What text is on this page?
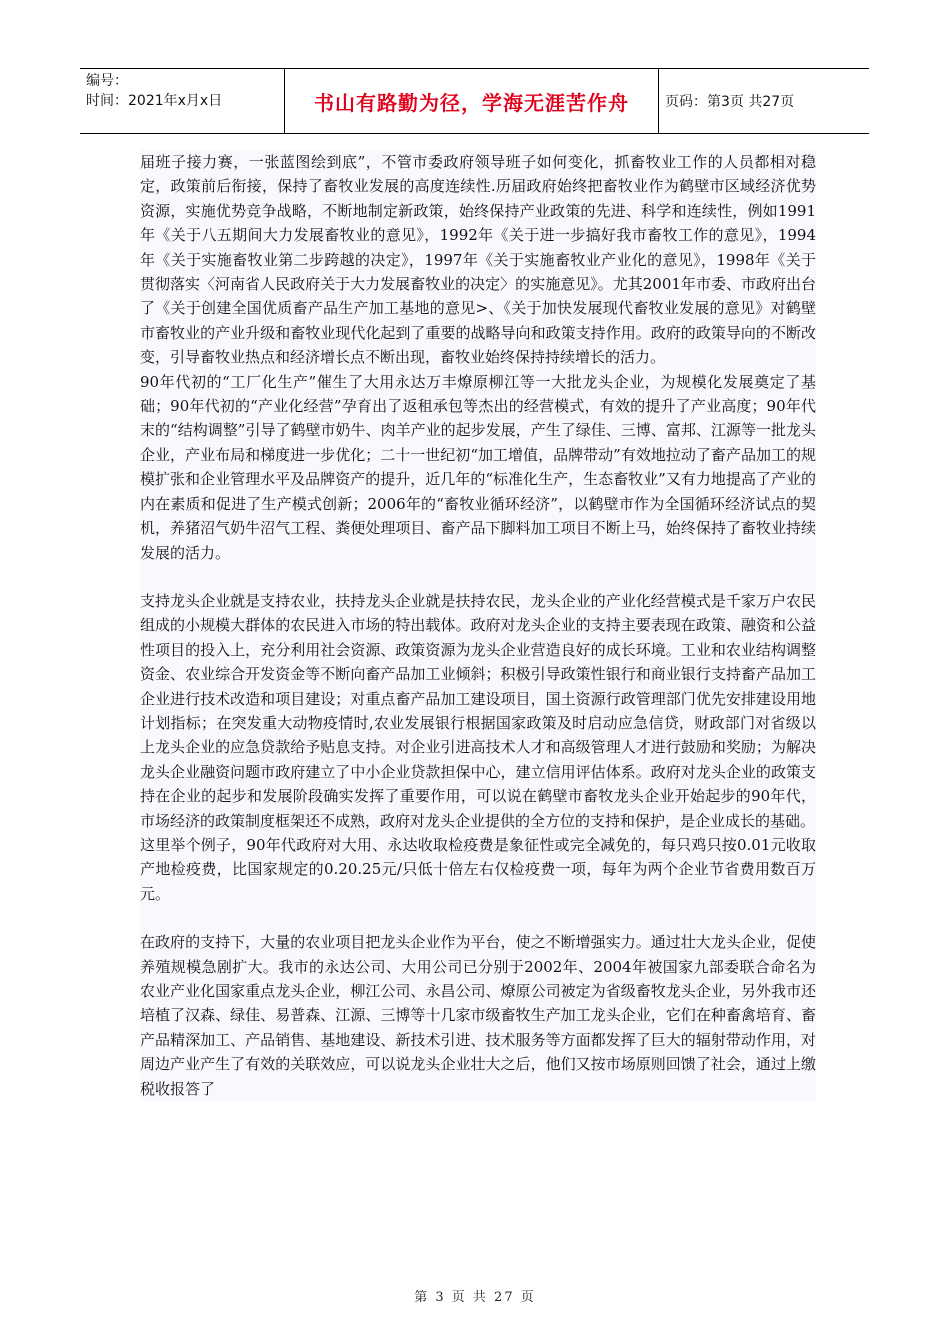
编号：
时间：2021年x月x日	书山有路勤为径，学海无涯苦作舟	页码：第3页 共27页

届班子接力赛，一张蓝图绘到底”，不管市委政府领导班子如何变化，抓畜牧业工作的人员都相对稳定，政策前后衔接，保持了畜牧业发展的高度连续性.历届政府始终把畜牧业作为鹤壁市区域经济优势资源，实施优势竞争战略，不断地制定新政策，始终保持产业政策的先进、科学和连续性，例如1991年《关于八五期间大力发展畜牧业的意见》，1992年《关于进一步搞好我市畜牧工作的意见》，1994年《关于实施畜牧业第二步跨越的决定》，1997年《关于实施畜牧业产业化的意见》，1998年《关于贯彻落实〈河南省人民政府关于大力发展畜牧业的决定〉的实施意见》。尤其2001年市委、市政府出台了《关于创建全国优质畜产品生产加工基地的意见>、《关于加快发展现代畜牧业发展的意见》对鹤壁市畜牧业的产业升级和畜牧业现代化起到了重要的战略导向和政策支持作用。政府的政策导向的不断改变，引导畜牧业热点和经济增长点不断出现，畜牧业始终保持持续增长的活力。

90年代初的“工厂化生产”催生了大用永达万丰燎原柳江等一大批龙头企业，为规模化发展奠定了基础；90年代初的“产业化经营”孕育出了返租承包等杰出的经营模式，有效的提升了产业高度；90年代末的“结构调整”引导了鹤壁市奶牛、肉羊产业的起步发展，产生了绿佳、三博、富邦、江源等一批龙头企业，产业布局和梯度进一步优化；二十一世纪初“加工增值，品牌带动”有效地拉动了畜产品加工的规模扩张和企业管理水平及品牌资产的提升，近几年的“标准化生产，生态畜牧业”又有力地提高了产业的内在素质和促进了生产模式创新；2006年的“畜牧业循环经济”，以鹤壁市作为全国循环经济试点的契机，养猪沼气奶牛沼气工程、粪便处理项目、畜产品下脚料加工项目不断上马，始终保持了畜牧业持续发展的活力。

支持龙头企业就是支持农业，扶持龙头企业就是扶持农民，龙头企业的产业化经营模式是千家万户农民组成的小规模大群体的农民进入市场的特出载体。政府对龙头企业的支持主要表现在政策、融资和公益性项目的投入上，充分利用社会资源、政策资源为龙头企业营造良好的成长环境。工业和农业结构调整资金、农业综合开发资金等不断向畜产品加工业倾斜；积极引导政策性银行和商业银行支持畜产品加工企业进行技术改造和项目建设；对重点畜产品加工建设项目，国土资源行政管理部门优先安排建设用地计划指标；在突发重大动物疫情时,农业发展银行根据国家政策及时启动应急信贷，财政部门对省级以上龙头企业的应急贷款给予贴息支持。对企业引进高技术人才和高级管理人才进行鼓励和奖励；为解决龙头企业融资问题市政府建立了中小企业贷款担保中心，建立信用评估体系。政府对龙头企业的政策支持在企业的起步和发展阶段确实发挥了重要作用，可以说在鹤壁市畜牧龙头企业开始起步的90年代，市场经济的政策制度框架还不成熟，政府对龙头企业提供的全方位的支持和保护，是企业成长的基础。

这里举个例子，90年代政府对大用、永达收取检疫费是象征性或完全减免的，每只鸡只按0.01元收取产地检疫费，比国家规定的0.20.25元/只低十倍左右仅检疫费一项，每年为两个企业节省费用数百万元。

在政府的支持下，大量的农业项目把龙头企业作为平台，使之不断增强实力。通过壮大龙头企业，促使养殖规模急剧扩大。我市的永达公司、大用公司已分别于2002年、2004年被国家九部委联合命名为农业产业化国家重点龙头企业，柳江公司、永昌公司、燎原公司被定为省级畜牧龙头企业，另外我市还培植了汉森、绿佳、易普森、江源、三博等十几家市级畜牧生产加工龙头企业，它们在种畜禽培育、畜产品精深加工、产品销售、基地建设、新技术引进、技术服务等方面都发挥了巨大的辐射带动作用，对周边产业产生了有效的关联效应，可以说龙头企业壮大之后，他们又按市场原则回馈了社会，通过上缴税收报答了

第 3 页 共 27 页
